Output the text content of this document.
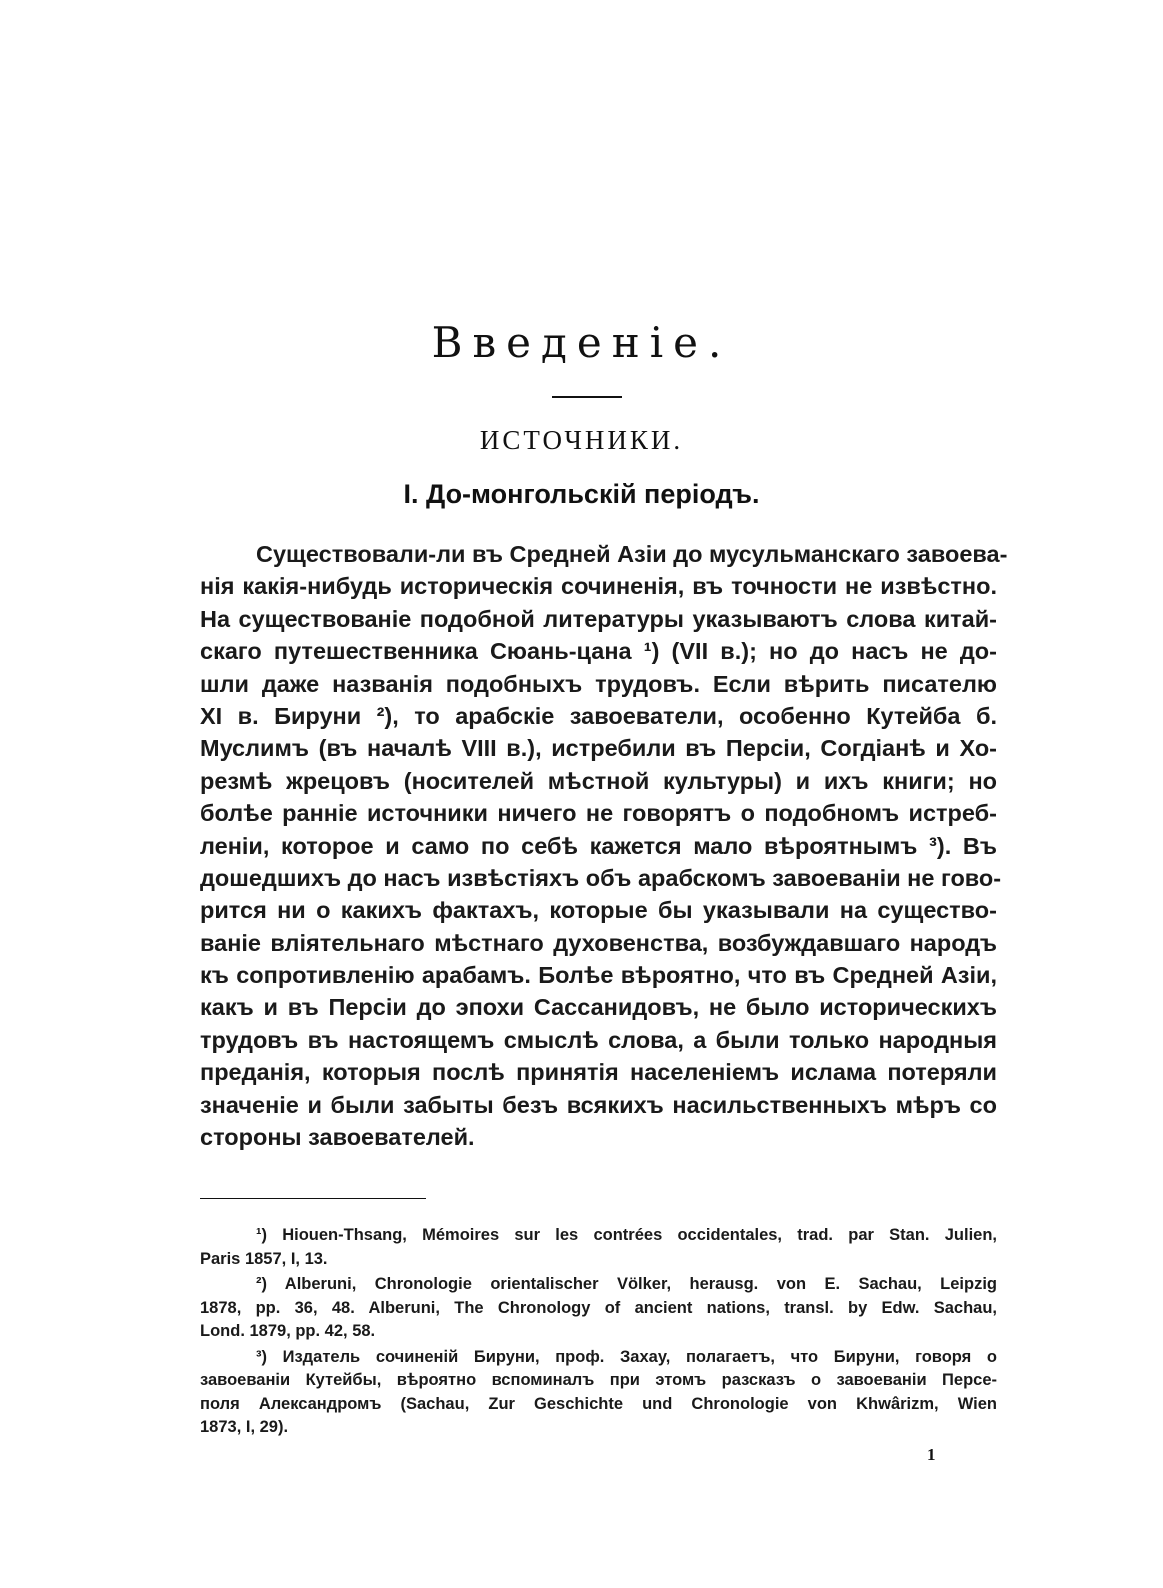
Введеніе.
ИСТОЧНИКИ.
I. До-монгольскій періодъ.
Существовали-ли въ Средней Азіи до мусульманскаго завоева-
нія какія-нибудь историческія сочиненія, въ точности не извѣстно.
На существованіе подобной литературы указываютъ слова китай-
скаго путешественника Сюань-цана ¹) (VII в.); но до насъ не до-
шли даже названія подобныхъ трудовъ. Если вѣрить писателю
XI в. Бируни ²), то арабскіе завоеватели, особенно Кутейба б.
Муслимъ (въ началѣ VIII в.), истребили въ Персіи, Согдіанѣ и Хо-
резмѣ жрецовъ (носителей мѣстной культуры) и ихъ книги; но
болѣе ранніе источники ничего не говорятъ о подобномъ истреб-
леніи, которое и само по себѣ кажется мало вѣроятнымъ ³). Въ
дошедшихъ до насъ извѣстіяхъ объ арабскомъ завоеваніи не гово-
рится ни о какихъ фактахъ, которые бы указывали на существо-
ваніе вліятельнаго мѣстнаго духовенства, возбуждавшаго народъ
къ сопротивленію арабамъ. Болѣе вѣроятно, что въ Средней Азіи,
какъ и въ Персіи до эпохи Сассанидовъ, не было историческихъ
трудовъ въ настоящемъ смыслѣ слова, а были только народныя
преданія, которыя послѣ принятія населеніемъ ислама потеряли
значеніе и были забыты безъ всякихъ насильственныхъ мѣръ со
стороны завоевателей.
¹) Hiouen-Thsang, Mémoires sur les contrées occidentales, trad. par Stan. Julien,
Paris 1857, I, 13.
²) Alberuni, Chronologie orientalischer Völker, herausg. von E. Sachau, Leipzig
1878, pp. 36, 48. Alberuni, The Chronology of ancient nations, transl. by Edw. Sachau,
Lond. 1879, pp. 42, 58.
³) Издатель сочиненій Бируни, проф. Захау, полагаетъ, что Бируни, говоря о
завоеваніи Кутейбы, вѣроятно вспоминалъ при этомъ разсказъ о завоеваніи Персе-
поля Александромъ (Sachau, Zur Geschichte und Chronologie von Khwârizm, Wien
1873, I, 29).
1
